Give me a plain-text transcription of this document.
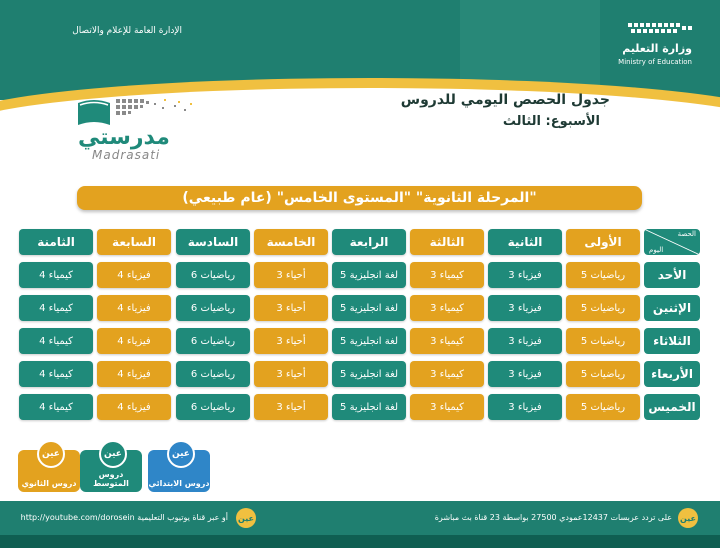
وزارة التعليم
Ministry of Education
الإدارة العامة للإعلام والاتصال
جدول الحصص اليومي للدروس
الأسبوع: الثالث
مدرستي
Madrasati
"المرحلة الثانوية" "المستوى الخامس" (عام طبيعي)
الحصة
اليوم
الأولى
الثانية
الثالثة
الرابعة
الخامسة
السادسة
السابعة
الثامنة
الأحد
الإثنين
الثلاثاء
الأربعاء
الخميس
رياضيات 5
فيزياء 3
كيمياء 3
لغة انجليزية 5
أحياء 3
رياضيات 6
فيزياء 4
كيمياء 4
رياضيات 5
فيزياء 3
كيمياء 3
لغة انجليزية 5
أحياء 3
رياضيات 6
فيزياء 4
كيمياء 4
رياضيات 5
فيزياء 3
كيمياء 3
لغة انجليزية 5
أحياء 3
رياضيات 6
فيزياء 4
كيمياء 4
رياضيات 5
فيزياء 3
كيمياء 3
لغة انجليزية 5
أحياء 3
رياضيات 6
فيزياء 4
كيمياء 4
رياضيات 5
فيزياء 3
كيمياء 3
لغة انجليزية 5
أحياء 3
رياضيات 6
فيزياء 4
كيمياء 4
عين
دروس الثانوي
عين
دروس المتوسط
عين
دروس الابتدائي
عين
على تردد عربسات 12437عمودي 27500 بواسطة 23 قناة بث مباشرة
عين
أو عبر قناة يوتيوب التعليمية http://youtube.com/dorosein
